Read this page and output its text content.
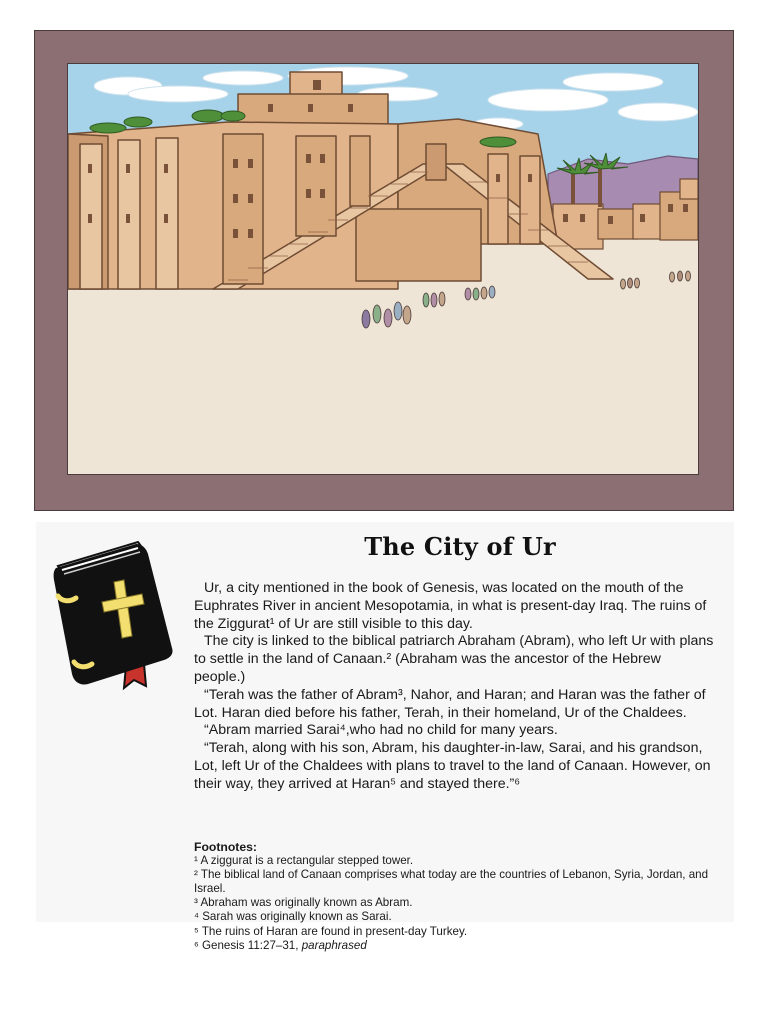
The City of Ur

Ur, a city mentioned in the book of Genesis, was located on the mouth of the Euphrates River in ancient Mesopotamia, in what is present-day Iraq. The ruins of the Ziggurat¹ of Ur are still visible to this day.

The city is linked to the biblical patriarch Abraham (Abram), who left Ur with plans to settle in the land of Canaan.² (Abraham was the ancestor of the Hebrew people.)

“Terah was the father of Abram³, Nahor, and Haran; and Haran was the father of Lot. Haran died before his father, Terah, in their homeland, Ur of the Chaldees.

“Abram married Sarai⁴,who had no child for many years.

“Terah, along with his son, Abram, his daughter-in-law, Sarai, and his grandson, Lot, left Ur of the Chaldees with plans to travel to the land of Canaan. However, on their way, they arrived at Haran⁵ and stayed there.”⁶

Footnotes:
¹ A ziggurat is a rectangular stepped tower.
² The biblical land of Canaan comprises what today are the countries of Lebanon, Syria, Jordan, and Israel.
³ Abraham was originally known as Abram.
⁴ Sarah was originally known as Sarai.
⁵ The ruins of Haran are found in present-day Turkey.
⁶ Genesis 11:27–31, paraphrased
